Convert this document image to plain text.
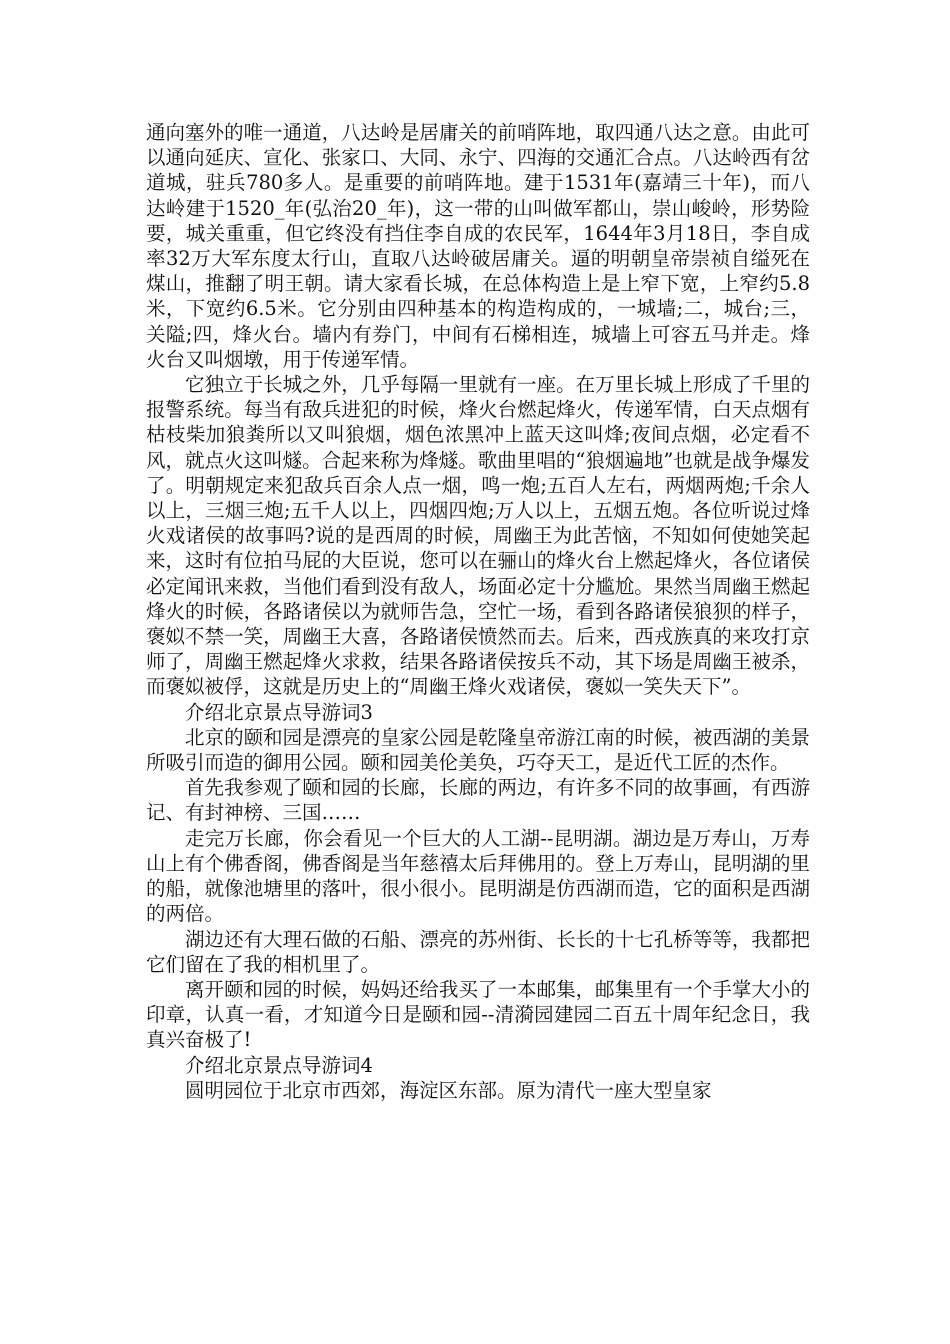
通向塞外的唯一通道，八达岭是居庸关的前哨阵地，取四通八达之意。由此可以通向延庆、宣化、张家口、大同、永宁、四海的交通汇合点。八达岭西有岔道城，驻兵780多人。是重要的前哨阵地。建于1531年(嘉靖三十年)，而八达岭建于1520_年(弘治20_年)，这一带的山叫做军都山，崇山峻岭，形势险要，城关重重，但它终没有挡住李自成的农民军，1644年3月18日，李自成率32万大军东度太行山，直取八达岭破居庸关。逼的明朝皇帝崇祯自缢死在煤山，推翻了明王朝。请大家看长城，在总体构造上是上窄下宽，上窄约5.8米，下宽约6.5米。它分别由四种基本的构造构成的，一城墙;二，城台;三，关隘;四，烽火台。墙内有券门，中间有石梯相连，城墙上可容五马并走。烽火台又叫烟墩，用于传递军情。

它独立于长城之外，几乎每隔一里就有一座。在万里长城上形成了千里的报警系统。每当有敌兵进犯的时候，烽火台燃起烽火，传递军情，白天点烟有枯枝柴加狼粪所以又叫狼烟，烟色浓黑冲上蓝天这叫烽;夜间点烟，必定看不风，就点火这叫燧。合起来称为烽燧。歌曲里唱的“狼烟遍地”也就是战争爆发了。明朝规定来犯敌兵百余人点一烟，鸣一炮;五百人左右，两烟两炮;千余人以上，三烟三炮;五千人以上，四烟四炮;万人以上，五烟五炮。各位听说过烽火戏诸侯的故事吗?说的是西周的时候，周幽王为此苦恼，不知如何使她笑起来，这时有位拍马屁的大臣说，您可以在骊山的烽火台上燃起烽火，各位诸侯必定闻讯来救，当他们看到没有敌人，场面必定十分尴尬。果然当周幽王燃起烽火的时候，各路诸侯以为就师告急，空忙一场，看到各路诸侯狼狈的样子，褒姒不禁一笑，周幽王大喜，各路诸侯愤然而去。后来，西戎族真的来攻打京师了，周幽王燃起烽火求救，结果各路诸侯按兵不动，其下场是周幽王被杀，而褒姒被俘，这就是历史上的“周幽王烽火戏诸侯，褒姒一笑失天下”。

介绍北京景点导游词3

北京的颐和园是漂亮的皇家公园是乾隆皇帝游江南的时候，被西湖的美景所吸引而造的御用公园。颐和园美伦美奂，巧夺天工，是近代工匠的杰作。

首先我参观了颐和园的长廊，长廊的两边，有许多不同的故事画，有西游记、有封神榜、三国……

走完万长廊，你会看见一个巨大的人工湖--昆明湖。湖边是万寿山，万寿山上有个佛香阁，佛香阁是当年慈禧太后拜佛用的。登上万寿山，昆明湖的里的船，就像池塘里的落叶，很小很小。昆明湖是仿西湖而造，它的面积是西湖的两倍。

湖边还有大理石做的石船、漂亮的苏州街、长长的十七孔桥等等，我都把它们留在了我的相机里了。

离开颐和园的时候，妈妈还给我买了一本邮集，邮集里有一个手掌大小的印章，认真一看，才知道今日是颐和园--清漪园建园二百五十周年纪念日，我真兴奋极了!

介绍北京景点导游词4

圆明园位于北京市西郊，海淀区东部。原为清代一座大型皇家
